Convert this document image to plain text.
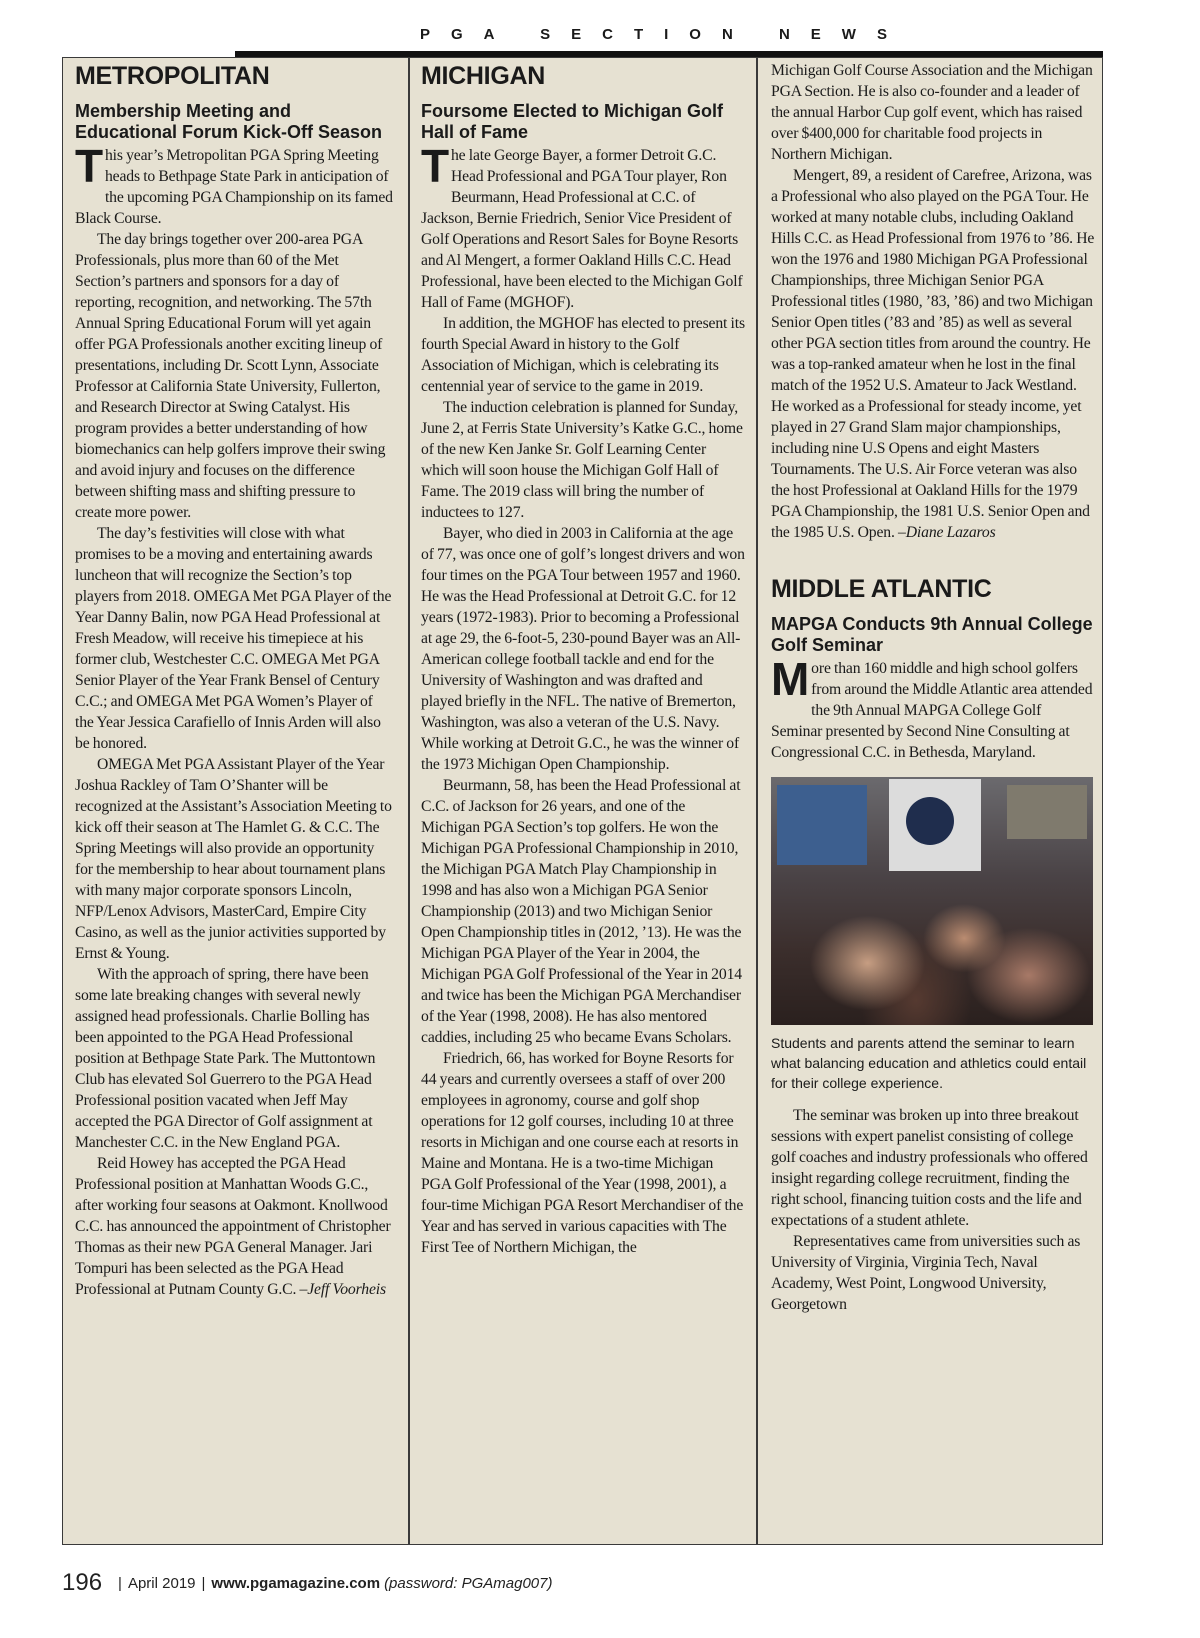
PGA SECTION NEWS
METROPOLITAN
Membership Meeting and Educational Forum Kick-Off Season

This year’s Metropolitan PGA Spring Meeting heads to Bethpage State Park in anticipation of the upcoming PGA Championship on its famed Black Course.

The day brings together over 200-area PGA Professionals, plus more than 60 of the Met Section’s partners and sponsors for a day of reporting, recognition, and networking. The 57th Annual Spring Educational Forum will yet again offer PGA Professionals another exciting lineup of presentations, including Dr. Scott Lynn, Associate Professor at California State University, Fullerton, and Research Director at Swing Catalyst. His program provides a better understanding of how biomechanics can help golfers improve their swing and avoid injury and focuses on the difference between shifting mass and shifting pressure to create more power.

The day’s festivities will close with what promises to be a moving and entertaining awards luncheon that will recognize the Section’s top players from 2018. OMEGA Met PGA Player of the Year Danny Balin, now PGA Head Professional at Fresh Meadow, will receive his timepiece at his former club, Westchester C.C. OMEGA Met PGA Senior Player of the Year Frank Bensel of Century C.C.; and OMEGA Met PGA Women’s Player of the Year Jessica Carafiello of Innis Arden will also be honored.

OMEGA Met PGA Assistant Player of the Year Joshua Rackley of Tam O’Shanter will be recognized at the Assistant’s Association Meeting to kick off their season at The Hamlet G. & C.C. The Spring Meetings will also provide an opportunity for the membership to hear about tournament plans with many major corporate sponsors Lincoln, NFP/Lenox Advisors, MasterCard, Empire City Casino, as well as the junior activities supported by Ernst & Young.

With the approach of spring, there have been some late breaking changes with several newly assigned head professionals. Charlie Bolling has been appointed to the PGA Head Professional position at Bethpage State Park. The Muttontown Club has elevated Sol Guerrero to the PGA Head Professional position vacated when Jeff May accepted the PGA Director of Golf assignment at Manchester C.C. in the New England PGA.

Reid Howey has accepted the PGA Head Professional position at Manhattan Woods G.C., after working four seasons at Oakmont. Knollwood C.C. has announced the appointment of Christopher Thomas as their new PGA General Manager. Jari Tompuri has been selected as the PGA Head Professional at Putnam County G.C. –Jeff Voorheis

MICHIGAN
Foursome Elected to Michigan Golf Hall of Fame

The late George Bayer, a former Detroit G.C. Head Professional and PGA Tour player, Ron Beurmann, Head Professional at C.C. of Jackson, Bernie Friedrich, Senior Vice President of Golf Operations and Resort Sales for Boyne Resorts and Al Mengert, a former Oakland Hills C.C. Head Professional, have been elected to the Michigan Golf Hall of Fame (MGHOF).

In addition, the MGHOF has elected to present its fourth Special Award in history to the Golf Association of Michigan, which is celebrating its centennial year of service to the game in 2019.

The induction celebration is planned for Sunday, June 2, at Ferris State University’s Katke G.C., home of the new Ken Janke Sr. Golf Learning Center which will soon house the Michigan Golf Hall of Fame. The 2019 class will bring the number of inductees to 127.

Bayer, who died in 2003 in California at the age of 77, was once one of golf’s longest drivers and won four times on the PGA Tour between 1957 and 1960. He was the Head Professional at Detroit G.C. for 12 years (1972-1983). Prior to becoming a Professional at age 29, the 6-foot-5, 230-pound Bayer was an All-American college football tackle and end for the University of Washington and was drafted and played briefly in the NFL. The native of Bremerton, Washington, was also a veteran of the U.S. Navy. While working at Detroit G.C., he was the winner of the 1973 Michigan Open Championship.

Beurmann, 58, has been the Head Professional at C.C. of Jackson for 26 years, and one of the Michigan PGA Section’s top golfers. He won the Michigan PGA Professional Championship in 2010, the Michigan PGA Match Play Championship in 1998 and has also won a Michigan PGA Senior Championship (2013) and two Michigan Senior Open Championship titles in (2012, ’13). He was the Michigan PGA Player of the Year in 2004, the Michigan PGA Golf Professional of the Year in 2014 and twice has been the Michigan PGA Merchandiser of the Year (1998, 2008). He has also mentored caddies, including 25 who became Evans Scholars.

Friedrich, 66, has worked for Boyne Resorts for 44 years and currently oversees a staff of over 200 employees in agronomy, course and golf shop operations for 12 golf courses, including 10 at three resorts in Michigan and one course each at resorts in Maine and Montana. He is a two-time Michigan PGA Golf Professional of the Year (1998, 2001), a four-time Michigan PGA Resort Merchandiser of the Year and has served in various capacities with The First Tee of Northern Michigan, the

Michigan Golf Course Association and the Michigan PGA Section. He is also co-founder and a leader of the annual Harbor Cup golf event, which has raised over $400,000 for charitable food projects in Northern Michigan.

Mengert, 89, a resident of Carefree, Arizona, was a Professional who also played on the PGA Tour. He worked at many notable clubs, including Oakland Hills C.C. as Head Professional from 1976 to ’86. He won the 1976 and 1980 Michigan PGA Professional Championships, three Michigan Senior PGA Professional titles (1980, ’83, ’86) and two Michigan Senior Open titles (’83 and ’85) as well as several other PGA section titles from around the country. He was a top-ranked amateur when he lost in the final match of the 1952 U.S. Amateur to Jack Westland. He worked as a Professional for steady income, yet played in 27 Grand Slam major championships, including nine U.S Opens and eight Masters Tournaments. The U.S. Air Force veteran was also the host Professional at Oakland Hills for the 1979 PGA Championship, the 1981 U.S. Senior Open and the 1985 U.S. Open. –Diane Lazaros

MIDDLE ATLANTIC
MAPGA Conducts 9th Annual College Golf Seminar

More than 160 middle and high school golfers from around the Middle Atlantic area attended the 9th Annual MAPGA College Golf Seminar presented by Second Nine Consulting at Congressional C.C. in Bethesda, Maryland.

Students and parents attend the seminar to learn what balancing education and athletics could entail for their college experience.

The seminar was broken up into three breakout sessions with expert panelist consisting of college golf coaches and industry professionals who offered insight regarding college recruitment, finding the right school, financing tuition costs and the life and expectations of a student athlete.

Representatives came from universities such as University of Virginia, Virginia Tech, Naval Academy, West Point, Longwood University, Georgetown

196 | April 2019 | www.pgamagazine.com (password: PGAmag007)
